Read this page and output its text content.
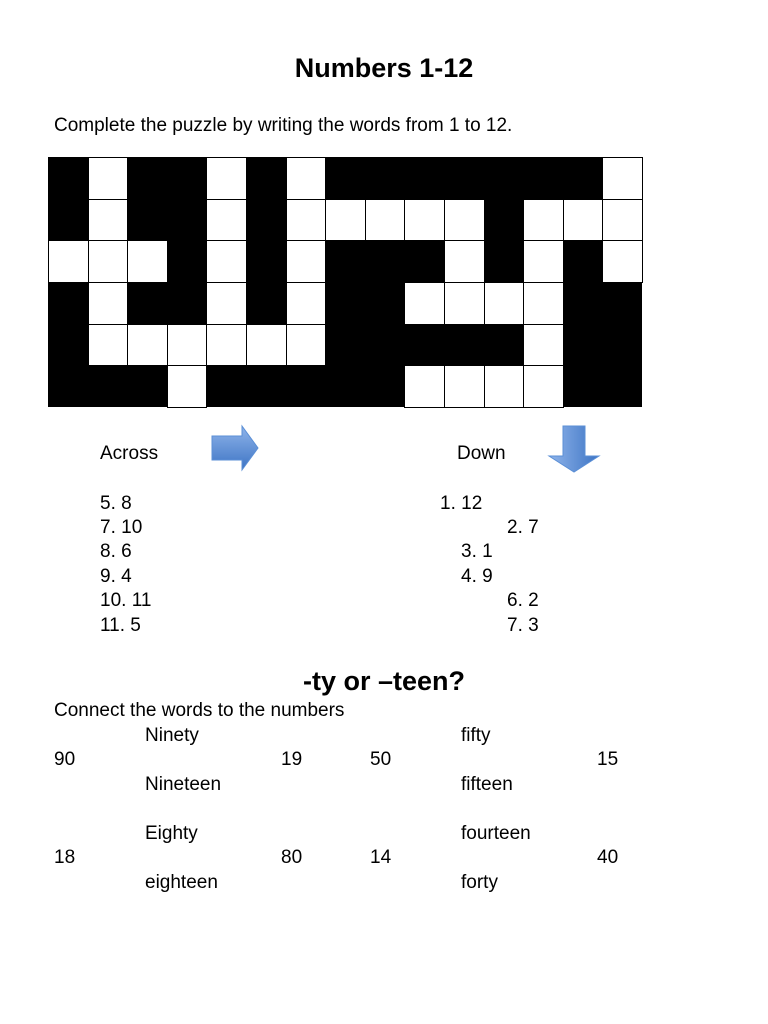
Numbers 1-12
Complete the puzzle by writing the words from 1 to 12.
Across	Down
5. 8
7. 10
8. 6
9. 4
10. 11
11. 5
1. 12
2. 7
3. 1
4. 9
6. 2
7. 3
-ty or –teen?
Connect the words to the numbers
Ninety
90	19
Nineteen
fifty
50	15
fifteen
Eighty
18	80
eighteen
fourteen
14	40
forty
